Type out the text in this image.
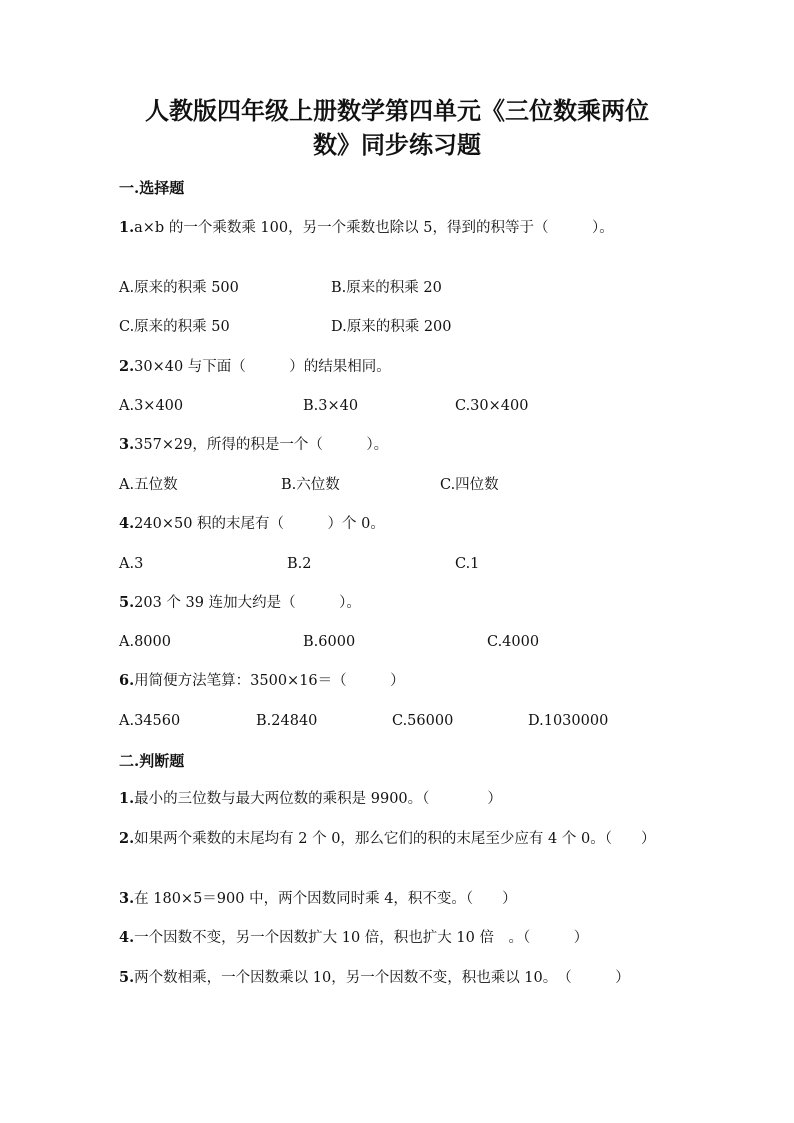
人教版四年级上册数学第四单元《三位数乘两位
数》同步练习题
一.选择题

1.a×b 的一个乘数乘 100，另一个乘数也除以 5，得到的积等于（　　　）。

A.原来的积乘 500	B.原来的积乘 20

C.原来的积乘 50	D.原来的积乘 200

2.30×40 与下面（　　　）的结果相同。

A.3×400	B.3×40	C.30×400

3.357×29，所得的积是一个（　　　）。

A.五位数	B.六位数	C.四位数

4.240×50 积的末尾有（　　　）个 0。

A.3	B.2	C.1

5.203 个 39 连加大约是（　　　）。

A.8000	B.6000	C.4000

6.用简便方法笔算：3500×16＝（　　　）

A.34560	B.24840	C.56000	D.1030000

二.判断题

1.最小的三位数与最大两位数的乘积是 9900。（　　　　）

2.如果两个乘数的末尾均有 2 个 0，那么它们的积的末尾至少应有 4 个 0。（　　）

3.在 180×5＝900 中，两个因数同时乘 4，积不变。（　　）

4.一个因数不变，另一个因数扩大 10 倍，积也扩大 10 倍　。（　　　）

5.两个数相乘，一个因数乘以 10，另一个因数不变，积也乘以 10。　（　　　）
